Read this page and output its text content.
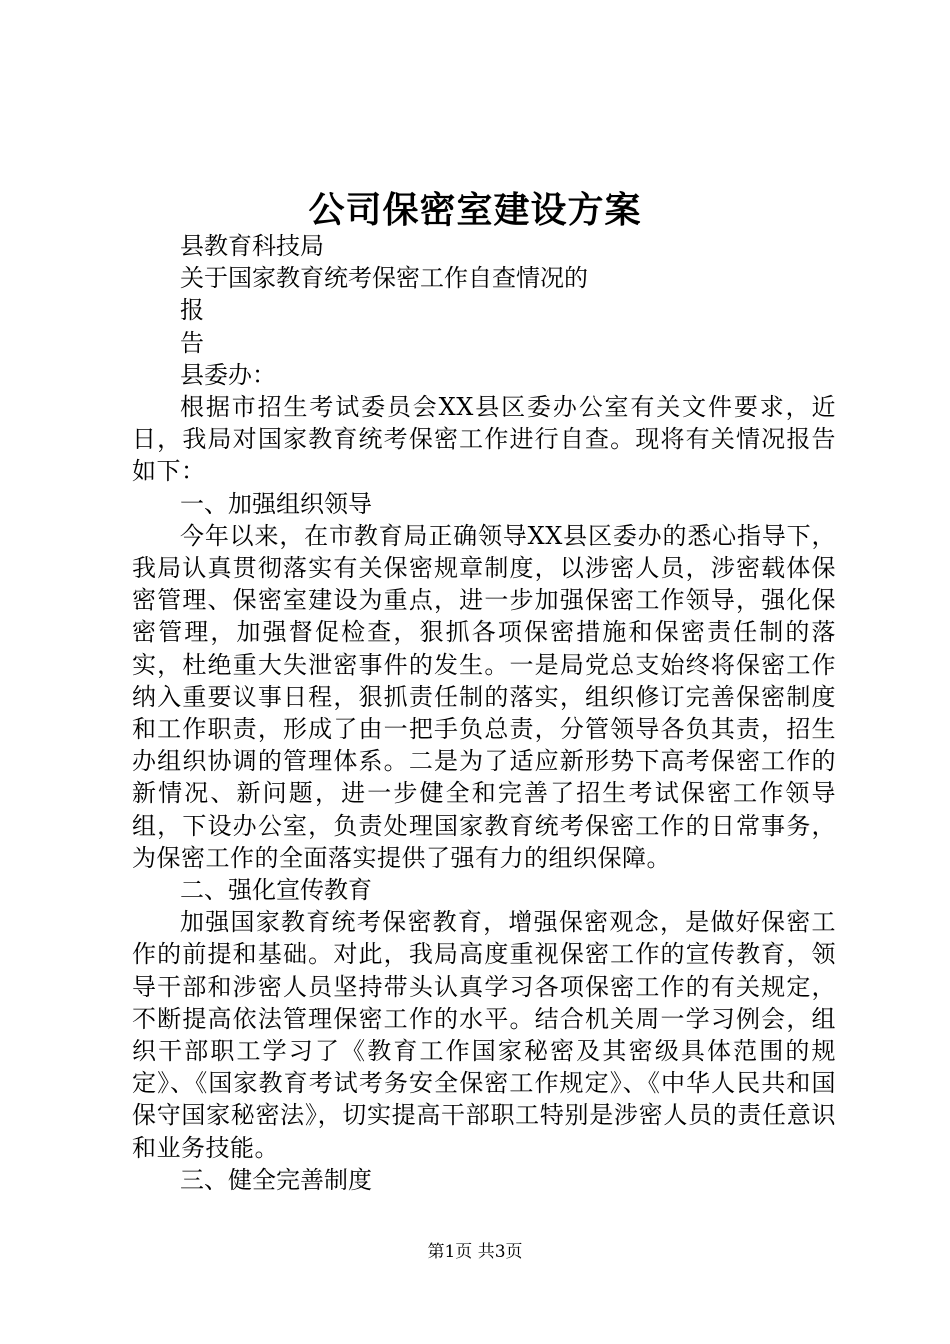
公司保密室建设方案
县教育科技局
关于国家教育统考保密工作自查情况的
报
告
县委办：
根据市招生考试委员会XX县区委办公室有关文件要求，近日，我局对国家教育统考保密工作进行自查。现将有关情况报告如下：
一、加强组织领导
今年以来，在市教育局正确领导XX县区委办的悉心指导下，我局认真贯彻落实有关保密规章制度，以涉密人员，涉密载体保密管理、保密室建设为重点，进一步加强保密工作领导，强化保密管理，加强督促检查，狠抓各项保密措施和保密责任制的落实，杜绝重大失泄密事件的发生。一是局党总支始终将保密工作纳入重要议事日程，狠抓责任制的落实，组织修订完善保密制度和工作职责，形成了由一把手负总责，分管领导各负其责，招生办组织协调的管理体系。二是为了适应新形势下高考保密工作的新情况、新问题，进一步健全和完善了招生考试保密工作领导组，下设办公室，负责处理国家教育统考保密工作的日常事务，为保密工作的全面落实提供了强有力的组织保障。
二、强化宣传教育
加强国家教育统考保密教育，增强保密观念，是做好保密工作的前提和基础。对此，我局高度重视保密工作的宣传教育，领导干部和涉密人员坚持带头认真学习各项保密工作的有关规定，不断提高依法管理保密工作的水平。结合机关周一学习例会，组织干部职工学习了《教育工作国家秘密及其密级具体范围的规定》、《国家教育考试考务安全保密工作规定》、《中华人民共和国保守国家秘密法》，切实提高干部职工特别是涉密人员的责任意识和业务技能。
三、健全完善制度
第1页 共3页
